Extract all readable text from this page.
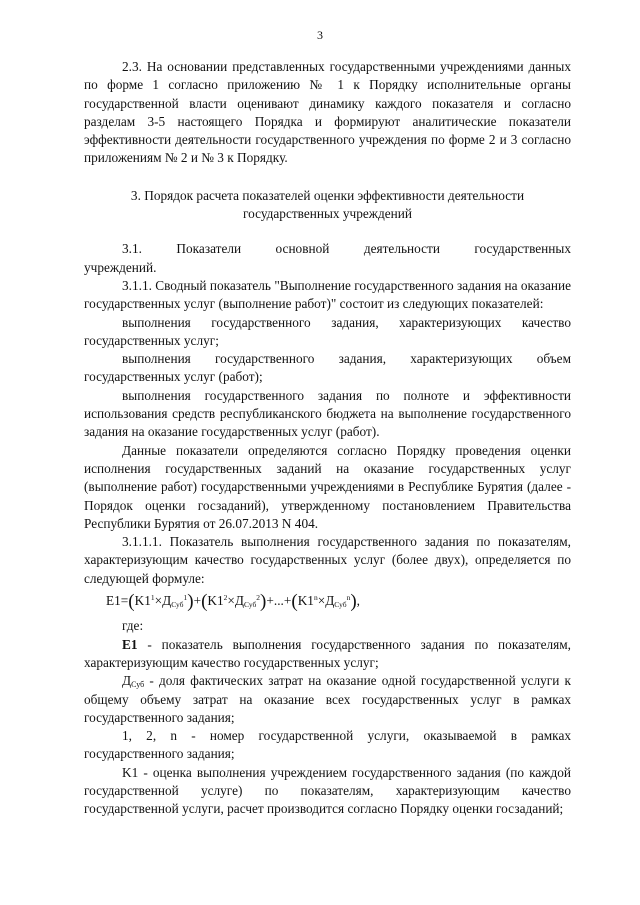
3

2.3. На основании представленных государственными учреждениями данных по форме 1 согласно приложению № 1 к Порядку исполнительные органы государственной власти оценивают динамику каждого показателя и согласно разделам 3-5 настоящего Порядка и формируют аналитические показатели эффективности деятельности государственного учреждения по форме 2 и 3 согласно приложениям № 2 и № 3 к Порядку.

3. Порядок расчета показателей оценки эффективности деятельности
государственных учреждений

3.1. Показатели основной деятельности государственных

учреждений.

3.1.1. Сводный показатель "Выполнение государственного задания на оказание государственных услуг (выполнение работ)" состоит из следующих показателей:

выполнения государственного задания, характеризующих качество государственных услуг;

выполнения государственного задания, характеризующих объем государственных услуг (работ);

выполнения государственного задания по полноте и эффективности использования средств республиканского бюджета на выполнение государственного задания на оказание государственных услуг (работ).

Данные показатели определяются согласно Порядку проведения оценки исполнения государственных заданий на оказание государственных услуг (выполнение работ) государственными учреждениями в Республике Бурятия (далее - Порядок оценки госзаданий), утвержденному постановлением Правительства Республики Бурятия от 26.07.2013 N 404.

3.1.1.1. Показатель выполнения государственного задания по показателям, характеризующим качество государственных услуг (более двух), определяется по следующей формуле:

$E1=(K1^1\times Д_{Суб}^1)+(K1^2\times Д_{Суб}^2)+...+(K1^n\times Д_{Суб}^n)$,

где:

E1 - показатель выполнения государственного задания по показателям, характеризующим качество государственных услуг;

$Д_{Суб}$ - доля фактических затрат на оказание одной государственной услуги к общему объему затрат на оказание всех государственных услуг в рамках государственного задания;

1, 2, n - номер государственной услуги, оказываемой в рамках государственного задания;

K1 - оценка выполнения учреждением государственного задания (по каждой государственной услуге) по показателям, характеризующим качество государственной услуги, расчет производится согласно Порядку оценки госзаданий;
